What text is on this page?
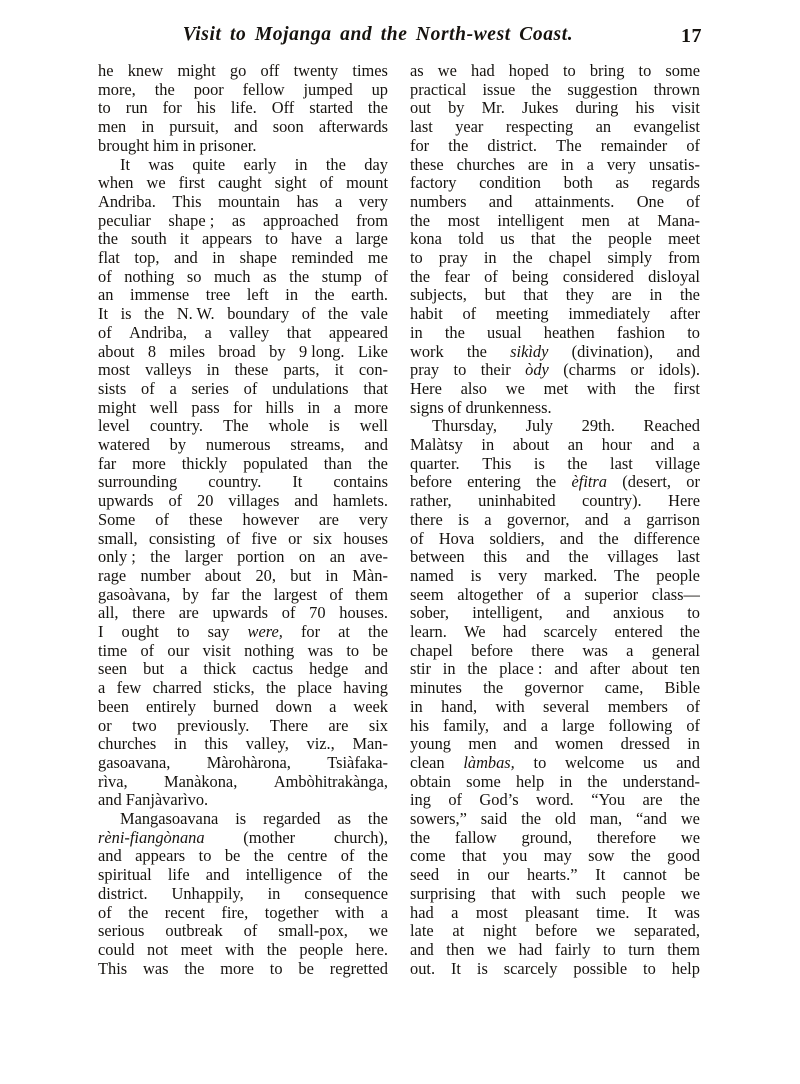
Visit to Mojanga and the North-west Coast.	17
he knew might go off twenty times
more, the poor fellow jumped up
to run for his life. Off started the
men in pursuit, and soon afterwards
brought him in prisoner.
It was quite early in the day
when we first caught sight of mount
Andriba. This mountain has a very
peculiar shape ; as approached from
the south it appears to have a large
flat top, and in shape reminded me
of nothing so much as the stump of
an immense tree left in the earth.
It is the N. W. boundary of the vale
of Andriba, a valley that appeared
about 8 miles broad by 9 long. Like
most valleys in these parts, it con-
sists of a series of undulations that
might well pass for hills in a more
level country. The whole is well
watered by numerous streams, and
far more thickly populated than the
surrounding country. It contains
upwards of 20 villages and hamlets.
Some of these however are very
small, consisting of five or six houses
only ; the larger portion on an ave-
rage number about 20, but in Màn-
gasoàvana, by far the largest of them
all, there are upwards of 70 houses.
I ought to say were, for at the
time of our visit nothing was to be
seen but a thick cactus hedge and
a few charred sticks, the place having
been entirely burned down a week
or two previously. There are six
churches in this valley, viz., Man-
gasoavana, Màrohàrona, Tsiàfaka-
rìva, Manàkona, Ambòhitrakànga,
and Fanjàvarìvo.
Mangasoavana is regarded as the
rèni-fiangònana (mother church),
and appears to be the centre of the
spiritual life and intelligence of the
district. Unhappily, in consequence
of the recent fire, together with a
serious outbreak of small-pox, we
could not meet with the people here.
This was the more to be regretted
as we had hoped to bring to some
practical issue the suggestion thrown
out by Mr. Jukes during his visit
last year respecting an evangelist
for the district. The remainder of
these churches are in a very unsatis-
factory condition both as regards
numbers and attainments. One of
the most intelligent men at Mana-
kona told us that the people meet
to pray in the chapel simply from
the fear of being considered disloyal
subjects, but that they are in the
habit of meeting immediately after
in the usual heathen fashion to
work the sikìdy (divination), and
pray to their òdy (charms or idols).
Here also we met with the first
signs of drunkenness.
Thursday, July 29th. Reached
Malàtsy in about an hour and a
quarter. This is the last village
before entering the èfitra (desert, or
rather, uninhabited country). Here
there is a governor, and a garrison
of Hova soldiers, and the difference
between this and the villages last
named is very marked. The people
seem altogether of a superior class—
sober, intelligent, and anxious to
learn. We had scarcely entered the
chapel before there was a general
stir in the place : and after about ten
minutes the governor came, Bible
in hand, with several members of
his family, and a large following of
young men and women dressed in
clean làmbas, to welcome us and
obtain some help in the understand-
ing of God’s word. “You are the
sowers,” said the old man, “and we
the fallow ground, therefore we
come that you may sow the good
seed in our hearts.” It cannot be
surprising that with such people we
had a most pleasant time. It was
late at night before we separated,
and then we had fairly to turn them
out. It is scarcely possible to help
